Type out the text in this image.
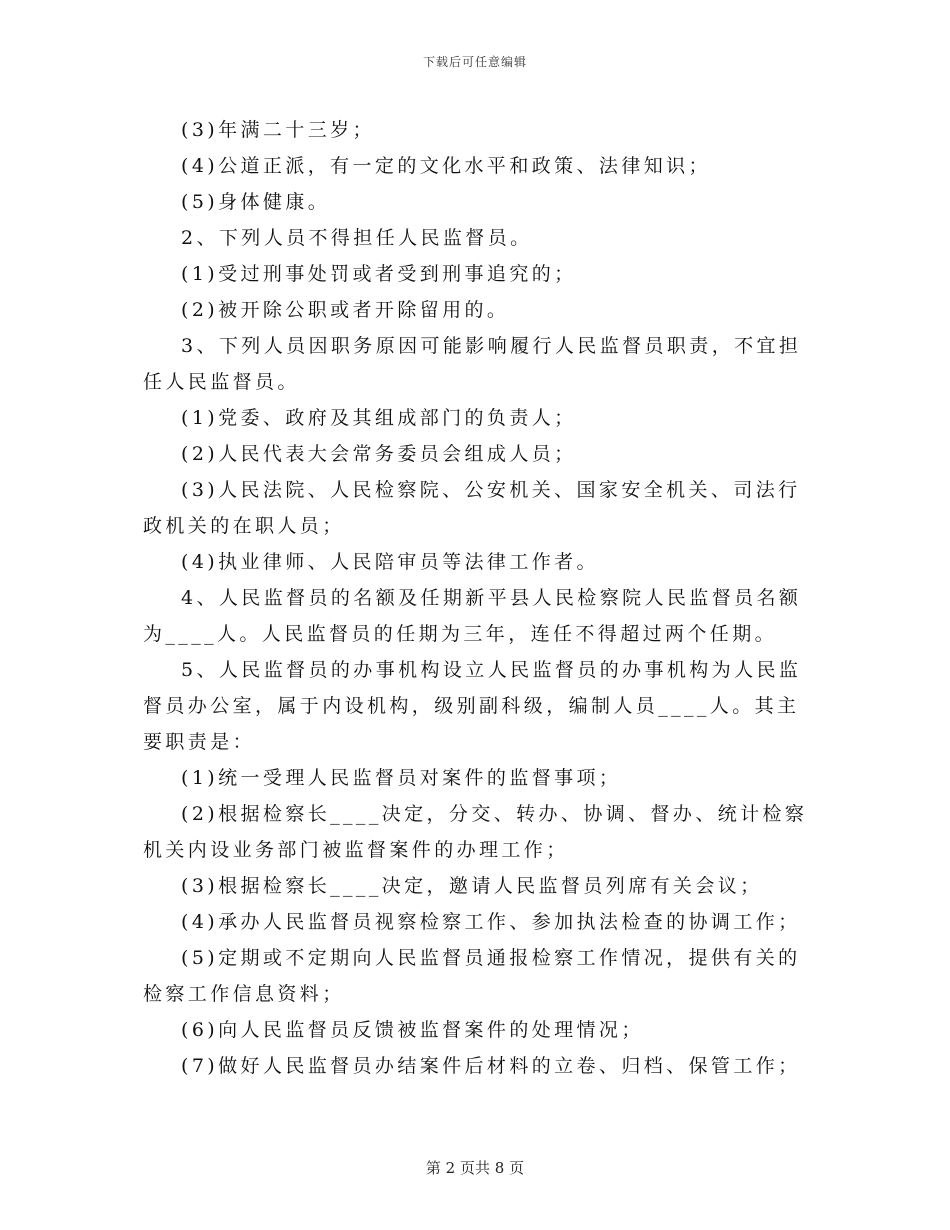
下载后可任意编辑

(3)年满二十三岁；

(4)公道正派，有一定的文化水平和政策、法律知识；

(5)身体健康。

2、下列人员不得担任人民监督员。

(1)受过刑事处罚或者受到刑事追究的；

(2)被开除公职或者开除留用的。

3、下列人员因职务原因可能影响履行人民监督员职责，不宜担任人民监督员。

(1)党委、政府及其组成部门的负责人；

(2)人民代表大会常务委员会组成人员；

(3)人民法院、人民检察院、公安机关、国家安全机关、司法行政机关的在职人员；

(4)执业律师、人民陪审员等法律工作者。

4、人民监督员的名额及任期新平县人民检察院人民监督员名额为____人。人民监督员的任期为三年，连任不得超过两个任期。

5、人民监督员的办事机构设立人民监督员的办事机构为人民监督员办公室，属于内设机构，级别副科级，编制人员____人。其主要职责是：

(1)统一受理人民监督员对案件的监督事项；

(2)根据检察长____决定，分交、转办、协调、督办、统计检察机关内设业务部门被监督案件的办理工作；

(3)根据检察长____决定，邀请人民监督员列席有关会议；

(4)承办人民监督员视察检察工作、参加执法检查的协调工作；

(5)定期或不定期向人民监督员通报检察工作情况，提供有关的检察工作信息资料；

(6)向人民监督员反馈被监督案件的处理情况；

(7)做好人民监督员办结案件后材料的立卷、归档、保管工作；

第 2 页共 8 页
